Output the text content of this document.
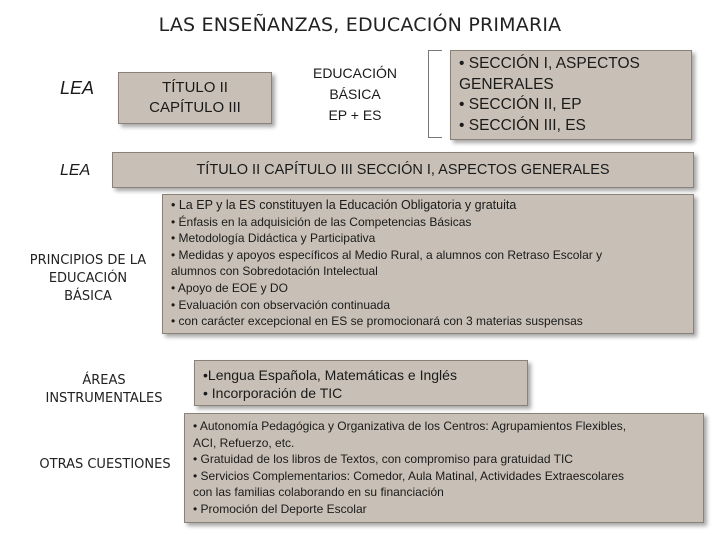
LAS ENSEÑANZAS, EDUCACIÓN PRIMARIA
LEA	TÍTULO II
CAPÍTULO III
EDUCACIÓN
BÁSICA
EP + ES
• SECCIÓN I, ASPECTOS
GENERALES
• SECCIÓN II, EP
• SECCIÓN III, ES
LEA	TÍTULO II CAPÍTULO III SECCIÓN I, ASPECTOS GENERALES
PRINCIPIOS DE LA
EDUCACIÓN
BÁSICA
• La EP y la ES constituyen la Educación Obligatoria y gratuita
• Énfasis en la adquisición de las Competencias Básicas
• Metodología Didáctica y Participativa
• Medidas y apoyos específicos al Medio Rural, a alumnos con Retraso Escolar y
alumnos con Sobredotación Intelectual
• Apoyo de EOE y DO
• Evaluación con observación continuada
• con carácter excepcional en ES se promocionará con 3 materias suspensas
ÁREAS
INSTRUMENTALES
•Lengua Española, Matemáticas e Inglés
• Incorporación de TIC
OTRAS CUESTIONES
• Autonomía Pedagógica y Organizativa de los Centros: Agrupamientos Flexibles,
ACI, Refuerzo, etc.
• Gratuidad de los libros de Textos, con compromiso para gratuidad TIC
• Servicios Complementarios: Comedor, Aula Matinal, Actividades Extraescolares
con las familias colaborando en su financiación
• Promoción del Deporte Escolar
